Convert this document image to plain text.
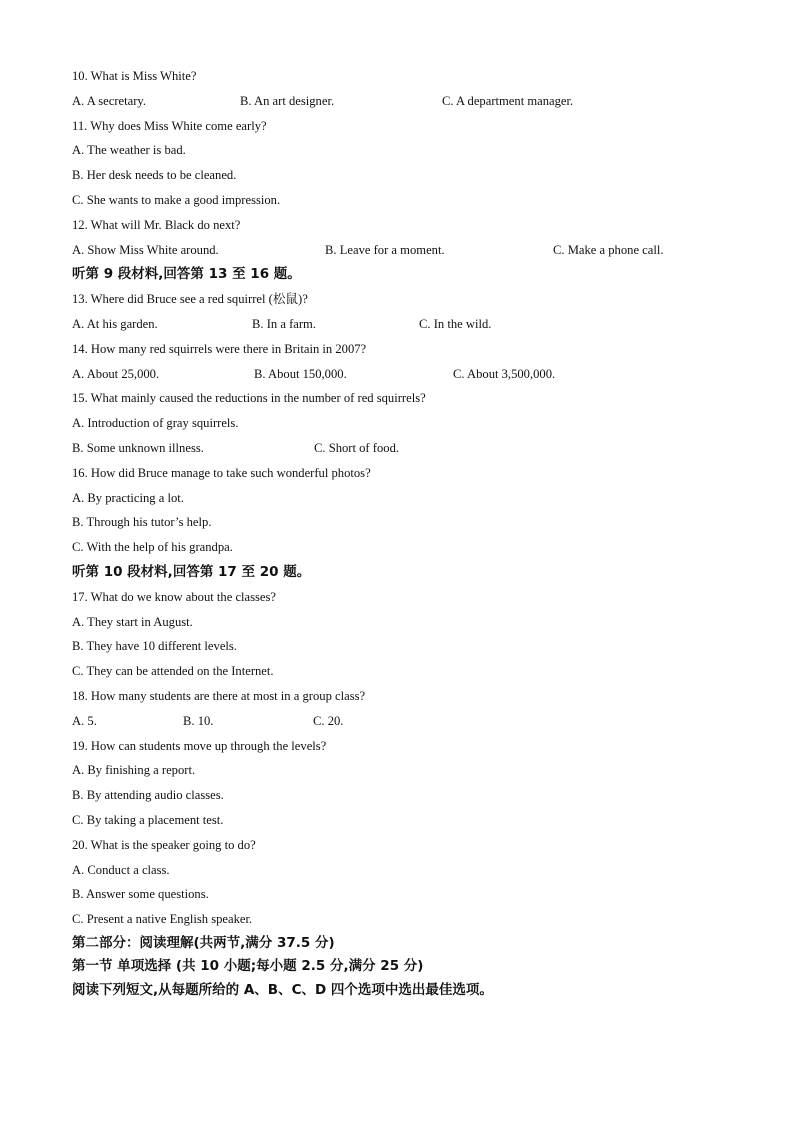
10. What is Miss White?
A. A secretary.	B. An art designer.	C. A department manager.
11. Why does Miss White come early?
A. The weather is bad.
B. Her desk needs to be cleaned.
C. She wants to make a good impression.
12. What will Mr. Black do next?
A. Show Miss White around.	B. Leave for a moment.	C. Make a phone call.
听第 9 段材料,回答第 13 至 16 题。
13. Where did Bruce see a red squirrel (松鼠)?
A. At his garden.	B. In a farm.	C. In the wild.
14. How many red squirrels were there in Britain in 2007?
A. About 25,000.	B. About 150,000.	C. About 3,500,000.
15. What mainly caused the reductions in the number of red squirrels?
A. Introduction of gray squirrels.
B. Some unknown illness.	C. Short of food.
16. How did Bruce manage to take such wonderful photos?
A. By practicing a lot.
B. Through his tutor’s help.
C. With the help of his grandpa.
听第 10 段材料,回答第 17 至 20 题。
17. What do we know about the classes?
A. They start in August.
B. They have 10 different levels.
C. They can be attended on the Internet.
18. How many students are there at most in a group class?
A. 5.	B. 10.	C. 20.
19. How can students move up through the levels?
A. By finishing a report.
B. By attending audio classes.
C. By taking a placement test.
20. What is the speaker going to do?
A. Conduct a class.
B. Answer some questions.
C. Present a native English speaker.
第二部分：阅读理解(共两节,满分 37.5 分)
第一节 单项选择 (共 10 小题;每小题 2.5 分,满分 25 分)
阅读下列短文,从每题所给的 A、B、C、D 四个选项中选出最佳选项。
